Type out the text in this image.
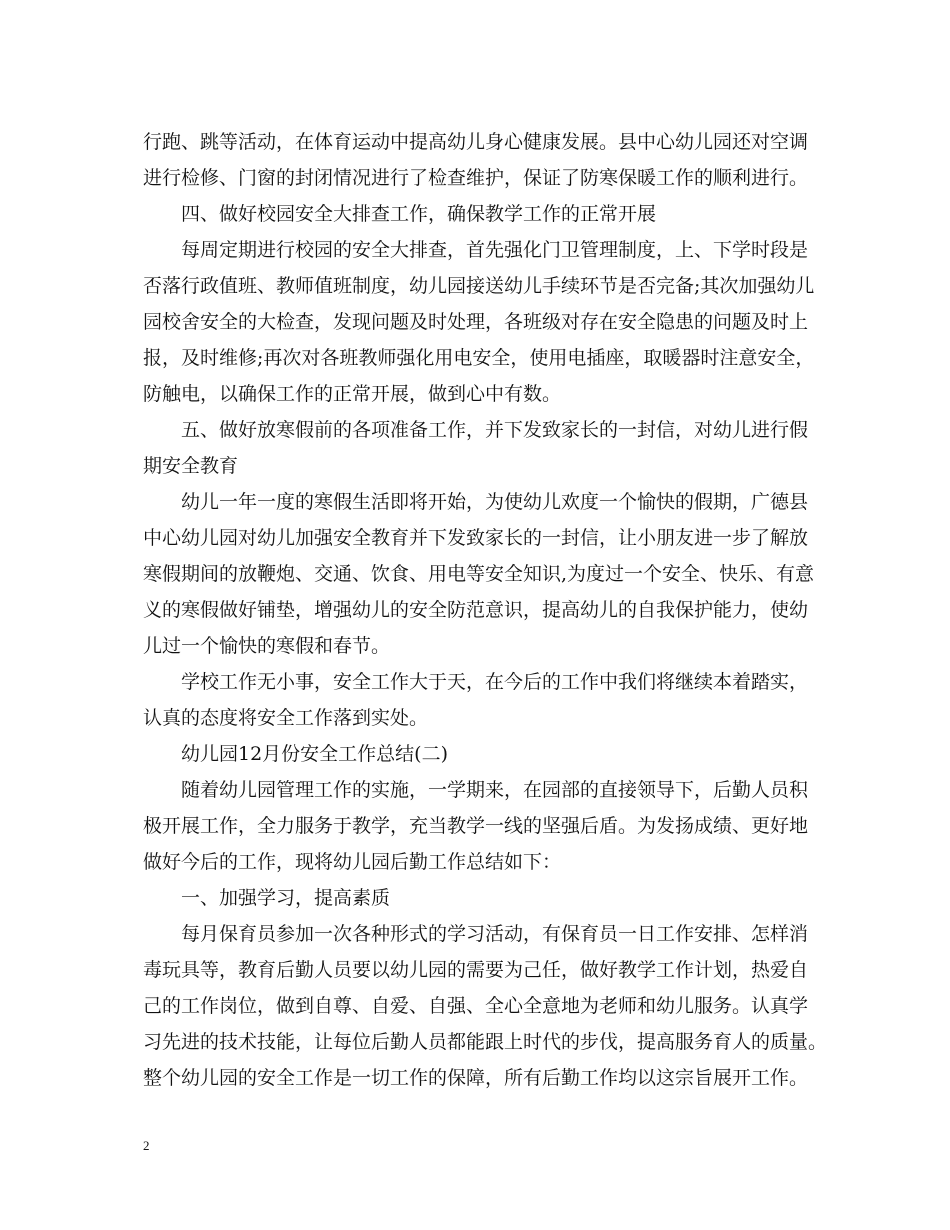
行跑、跳等活动，在体育运动中提高幼儿身心健康发展。县中心幼儿园还对空调
进行检修、门窗的封闭情况进行了检查维护，保证了防寒保暖工作的顺利进行。
四、做好校园安全大排查工作，确保教学工作的正常开展
每周定期进行校园的安全大排查，首先强化门卫管理制度，上、下学时段是
否落行政值班、教师值班制度，幼儿园接送幼儿手续环节是否完备;其次加强幼儿
园校舍安全的大检查，发现问题及时处理，各班级对存在安全隐患的问题及时上
报，及时维修;再次对各班教师强化用电安全，使用电插座，取暖器时注意安全，
防触电，以确保工作的正常开展，做到心中有数。
五、做好放寒假前的各项准备工作，并下发致家长的一封信，对幼儿进行假
期安全教育
幼儿一年一度的寒假生活即将开始，为使幼儿欢度一个愉快的假期，广德县
中心幼儿园对幼儿加强安全教育并下发致家长的一封信，让小朋友进一步了解放
寒假期间的放鞭炮、交通、饮食、用电等安全知识,为度过一个安全、快乐、有意
义的寒假做好铺垫，增强幼儿的安全防范意识，提高幼儿的自我保护能力，使幼
儿过一个愉快的寒假和春节。
学校工作无小事，安全工作大于天，在今后的工作中我们将继续本着踏实，
认真的态度将安全工作落到实处。
幼儿园12月份安全工作总结(二)
随着幼儿园管理工作的实施，一学期来，在园部的直接领导下，后勤人员积
极开展工作，全力服务于教学，充当教学一线的坚强后盾。为发扬成绩、更好地
做好今后的工作，现将幼儿园后勤工作总结如下：
一、加强学习，提高素质
每月保育员参加一次各种形式的学习活动，有保育员一日工作安排、怎样消
毒玩具等，教育后勤人员要以幼儿园的需要为己任，做好教学工作计划，热爱自
己的工作岗位，做到自尊、自爱、自强、全心全意地为老师和幼儿服务。认真学
习先进的技术技能，让每位后勤人员都能跟上时代的步伐，提高服务育人的质量。
整个幼儿园的安全工作是一切工作的保障，所有后勤工作均以这宗旨展开工作。
2
